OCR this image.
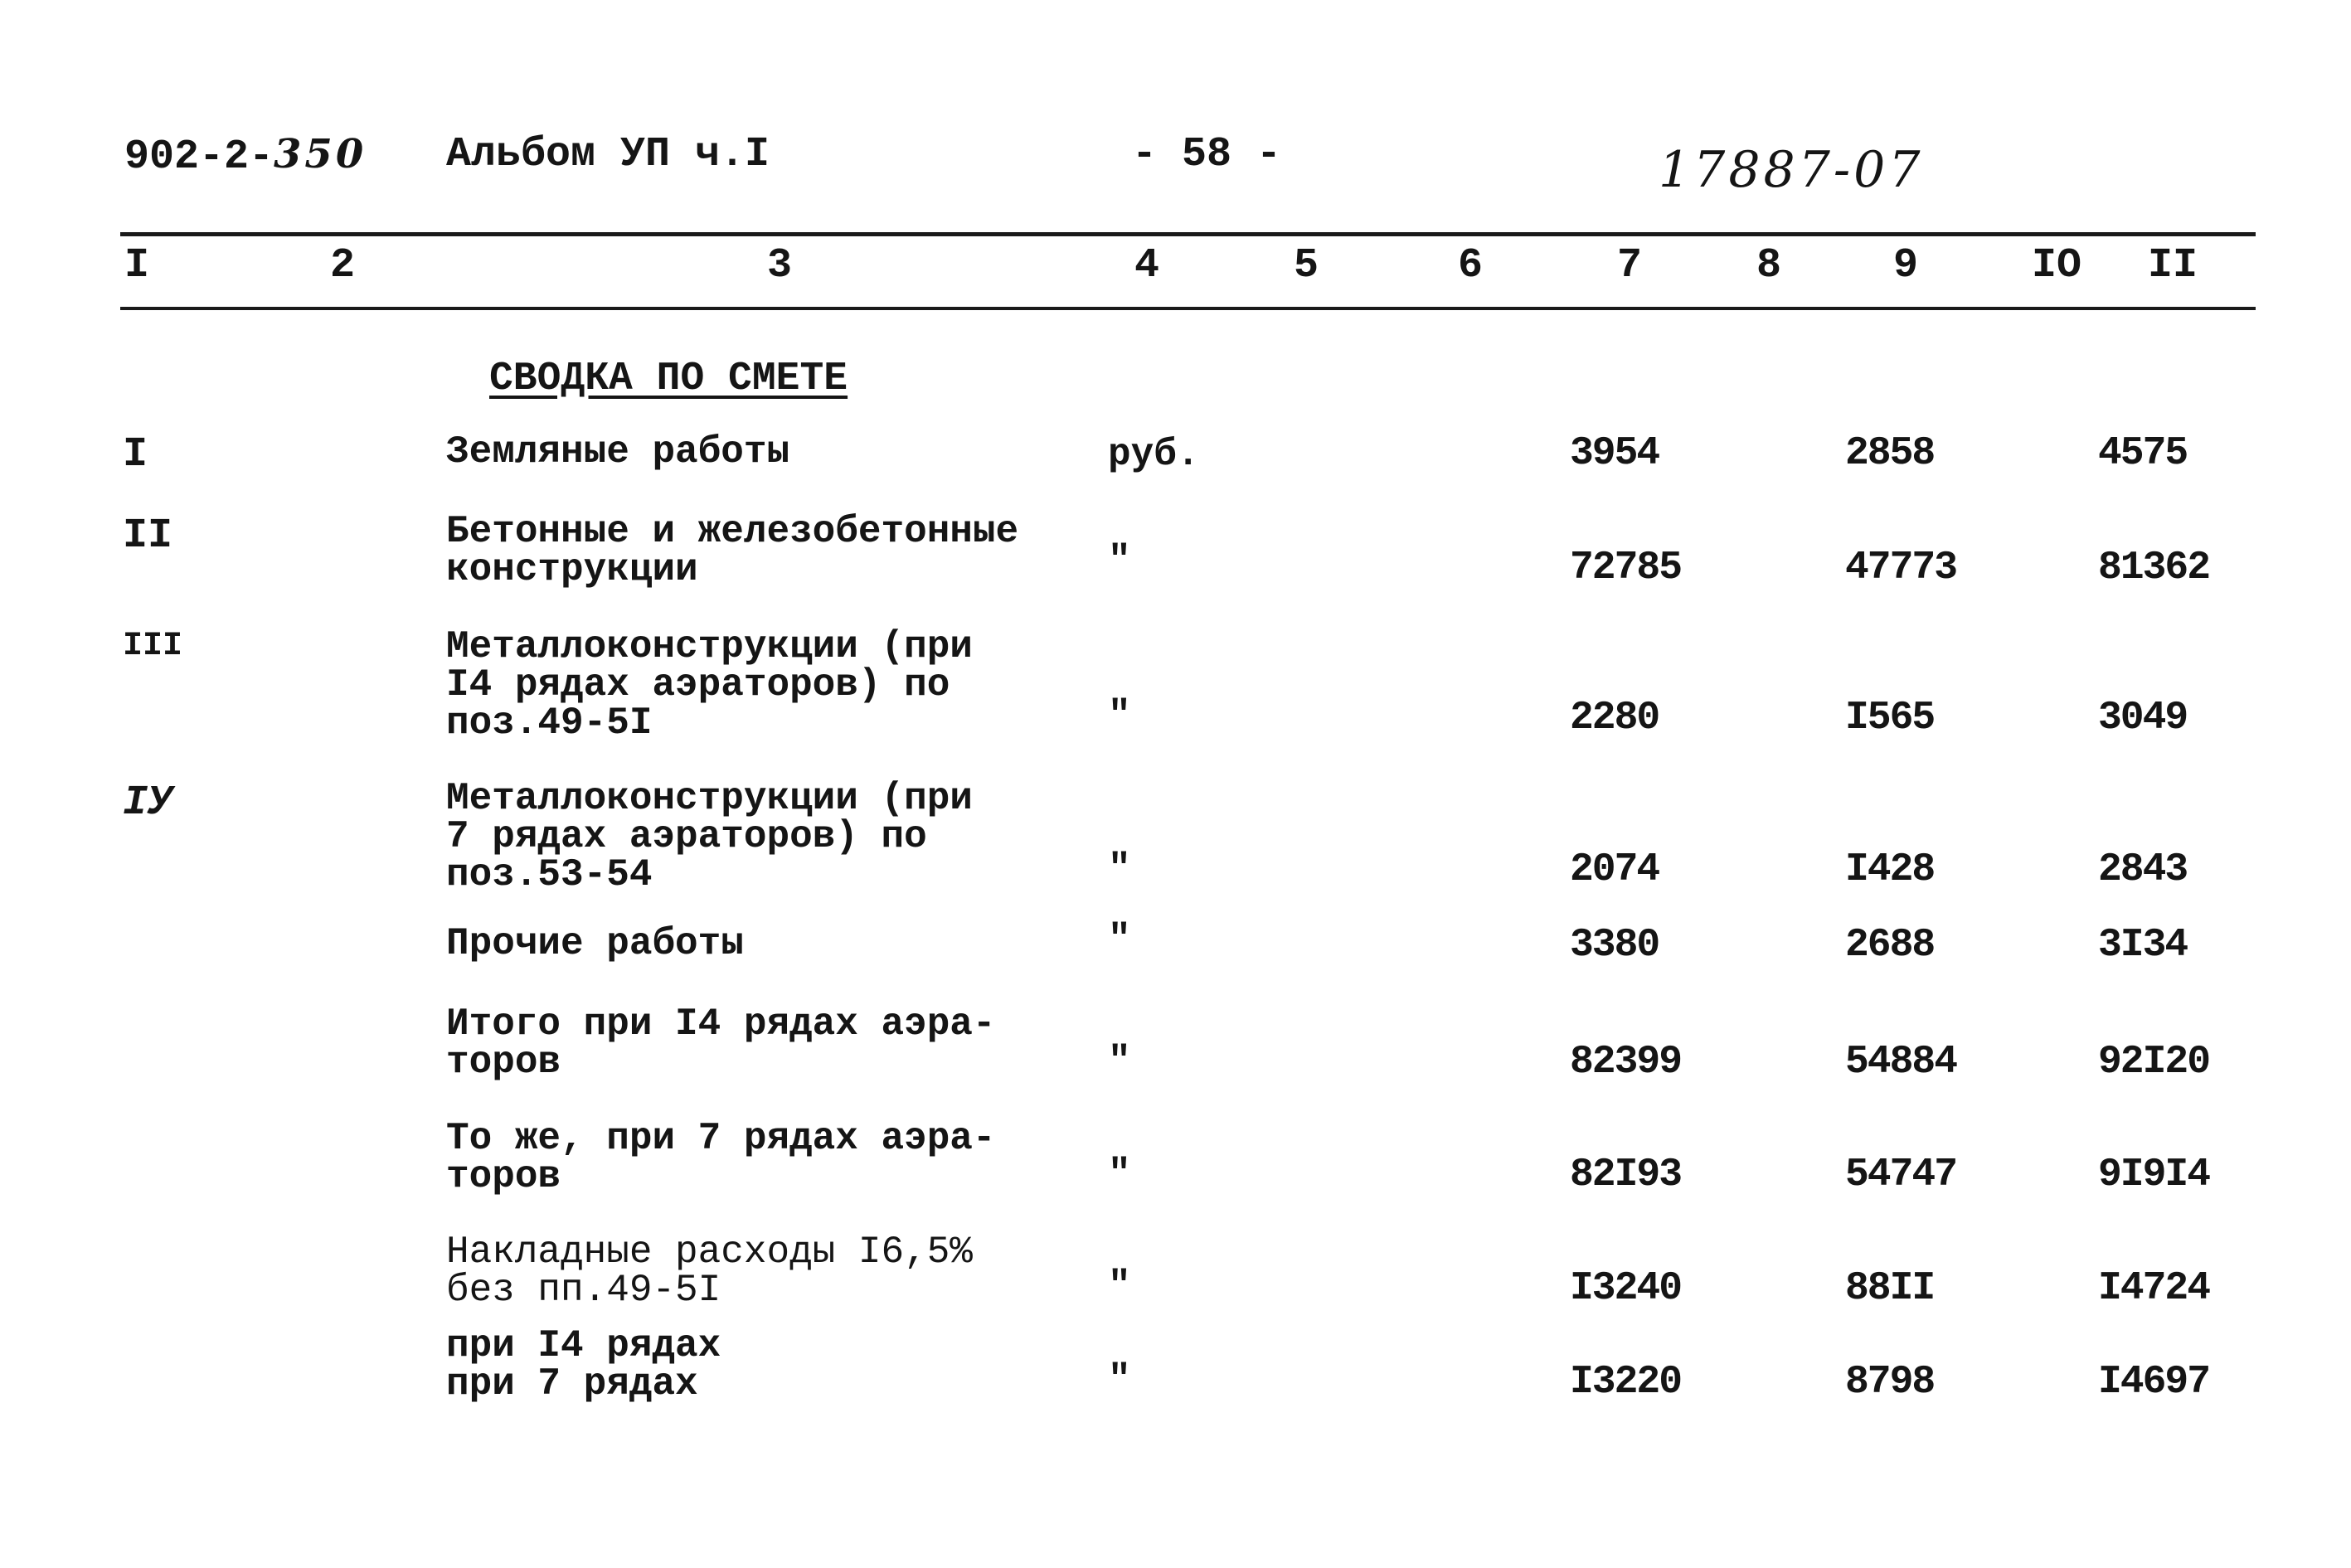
902-2-350 Альбом УП ч.I	- 58 -	17887-07
I	2	3	4	5	6	7	8	9	IO II
СВОДКА ПО СМЕТЕ
I	Земляные работы	руб.	3954	2858	4575
II	Бетонные и железобетонные
конструкции	"	72785	47773	81362
III	Металлоконструкции (при
I4 рядах аэраторов) по
поз.49-5I	"	2280	I565	3049
IУ	Металлоконструкции (при
7 рядах аэраторов) по
поз.53-54	"	2074	I428	2843
Прочие работы	"	3380	2688	3I34
Итого при I4 рядах аэра-
торов	"	82399	54884	92I20
То же, при 7 рядах аэра-
торов	"	82I93	54747	9I9I4
Накладные расходы I6,5%
без пп.49-5I	"	I3240	88II	I4724
при I4 рядах
при 7 рядах	"	I3220	8798	I4697
